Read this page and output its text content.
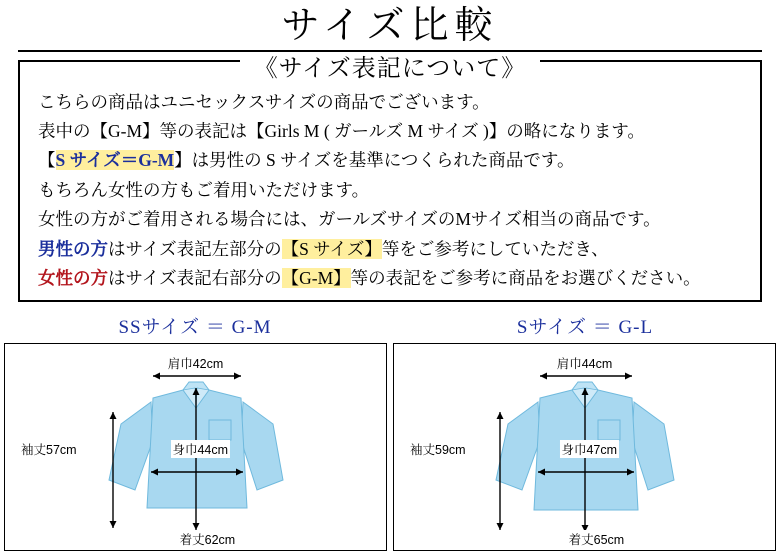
サイズ比較
《サイズ表記について》

こちらの商品はユニセックスサイズの商品でございます。

表中の【G-M】等の表記は【Girls M ( ガールズ M サイズ )】の略になります。

【S サイズ＝G-M】は男性の S サイズを基準につくられた商品です。

もちろん女性の方もご着用いただけます。

女性の方がご着用される場合には、ガールズサイズのMサイズ相当の商品です。

男性の方はサイズ表記左部分の【S サイズ】等をご参考にしていただき、

女性の方はサイズ表記右部分の【G-M】等の表記をご参考に商品をお選びください。

SSサイズ ＝ G-M	Sサイズ ＝ G-L
肩巾42cm
袖丈57cm	身巾44cm
着丈62cm
肩巾44cm
袖丈59cm	身巾47cm
着丈65cm
